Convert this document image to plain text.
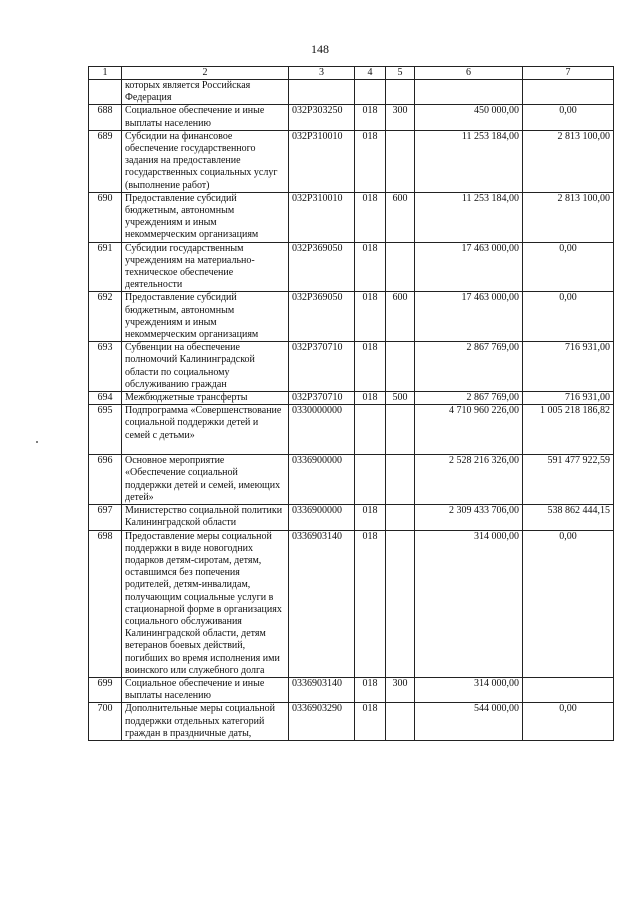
148
1	2	3	4	5	6	7
	которых является Российская Федерация					
688	Социальное обеспечение и иные выплаты населению	032P303250	018	300	450 000,00	0,00
689	Субсидии на финансовое обеспечение государственного задания на предоставление государственных социальных услуг (выполнение работ)	032P310010	018		11 253 184,00	2 813 100,00
690	Предоставление субсидий бюджетным, автономным учреждениям и иным некоммерческим организациям	032P310010	018	600	11 253 184,00	2 813 100,00
691	Субсидии государственным учреждениям на материально-техническое обеспечение деятельности	032P369050	018		17 463 000,00	0,00
692	Предоставление субсидий бюджетным, автономным учреждениям и иным некоммерческим организациям	032P369050	018	600	17 463 000,00	0,00
693	Субвенции на обеспечение полномочий Калининградской области по социальному обслуживанию граждан	032P370710	018		2 867 769,00	716 931,00
694	Межбюджетные трансферты	032P370710	018	500	2 867 769,00	716 931,00
695	Подпрограмма «Совершенствование социальной поддержки детей и семей с детьми»	0330000000			4 710 960 226,00	1 005 218 186,82
696	Основное мероприятие «Обеспечение социальной поддержки детей и семей, имеющих детей»	0336900000			2 528 216 326,00	591 477 922,59
697	Министерство социальной политики Калининградской области	0336900000	018		2 309 433 706,00	538 862 444,15
698	Предоставление меры социальной поддержки в виде новогодних подарков детям-сиротам, детям, оставшимся без попечения родителей, детям-инвалидам, получающим социальные услуги в стационарной форме в организациях социального обслуживания Калининградской области, детям ветеранов боевых действий, погибших во время исполнения ими воинского или служебного долга	0336903140	018		314 000,00	0,00
699	Социальное обеспечение и иные выплаты населению	0336903140	018	300	314 000,00	
700	Дополнительные меры социальной поддержки отдельных категорий граждан в праздничные даты,	0336903290	018		544 000,00	0,00
